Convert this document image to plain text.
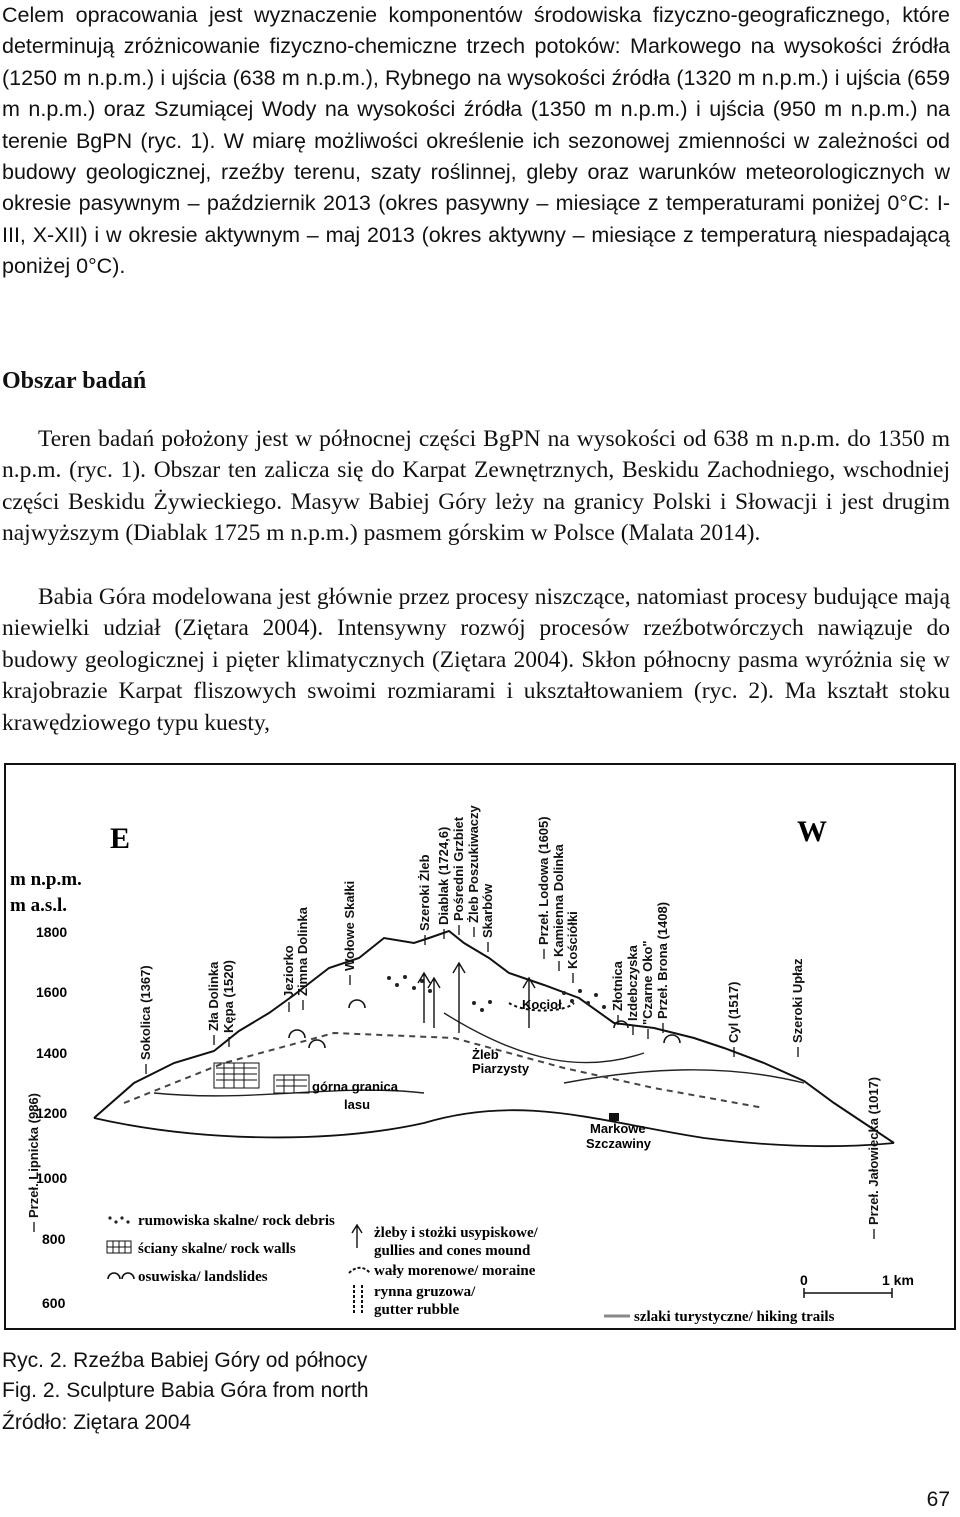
Celem opracowania jest wyznaczenie komponentów środowiska fizyczno-geograficznego, które determinują zróżnicowanie fizyczno-chemiczne trzech potoków: Markowego na wysokości źródła (1250 m n.p.m.) i ujścia (638 m n.p.m.), Rybnego na wysokości źródła (1320 m n.p.m.) i ujścia (659 m n.p.m.) oraz Szumiącej Wody na wysokości źródła (1350 m n.p.m.) i ujścia (950 m n.p.m.) na terenie BgPN (ryc. 1). W miarę możliwości określenie ich sezonowej zmienności w zależności od budowy geologicznej, rzeźby terenu, szaty roślinnej, gleby oraz warunków meteorologicznych w okresie pasywnym – październik 2013 (okres pasywny – miesiące z temperaturami poniżej 0°C: I-III, X-XII) i w okresie aktywnym – maj 2013 (okres aktywny – miesiące z temperaturą niespadającą poniżej 0°C).

Obszar badań

Teren badań położony jest w północnej części BgPN na wysokości od 638 m n.p.m. do 1350 m n.p.m. (ryc. 1). Obszar ten zalicza się do Karpat Zewnętrznych, Beskidu Zachodniego, wschodniej części Beskidu Żywieckiego. Masyw Babiej Góry leży na granicy Polski i Słowacji i jest drugim najwyższym (Diablak 1725 m n.p.m.) pasmem górskim w Polsce (Malata 2014).

Babia Góra modelowana jest głównie przez procesy niszczące, natomiast procesy budujące mają niewielki udział (Ziętara 2004). Intensywny rozwój procesów rzeźbotwórczych nawiązuje do budowy geologicznej i pięter klimatycznych (Ziętara 2004). Skłon północny pasma wyróżnia się w krajobrazie Karpat fliszowych swoimi rozmiarami i ukształtowaniem (ryc. 2). Ma kształt stoku krawędziowego typu kuesty,

E	W
m n.p.m.
m a.s.l.
1800
1600
1400
1200
1000
800
600
Przeł. Lipnicka (986)
Sokolica (1367)	Zła Dolinka Kępa (1520)	Jeziorko Zimna Dolinka Wołowe Skałki	Szeroki Żleb Diablak (1724,6) Pośredni Grzbiet Żleb Poszukiwaczy Skarbów	Przeł. Lodowa (1605) Kamienna Dolinka Kościółki
Złotnica Izdebczyska "Czarne Oko" Przeł. Brona (1408)	Cyl (1517)	Szeroki Upłaz
Przeł. Jałowiecka (1017)
Kocioł
Żleb
Piarzysty
górna granica
lasu
Markowe
Szczawiny
rumowiska skalne/ rock debris
ściany skalne/ rock walls
osuwiska/ landslides
żleby i stożki usypiskowe/
gullies and cones mound
wały morenowe/ moraine
rynna gruzowa/
gutter rubble	szlaki turystyczne/ hiking trails
0	1 km
Ryc. 2. Rzeźba Babiej Góry od północy
Fig. 2. Sculpture Babia Góra from north
Źródło: Ziętara 2004
67
